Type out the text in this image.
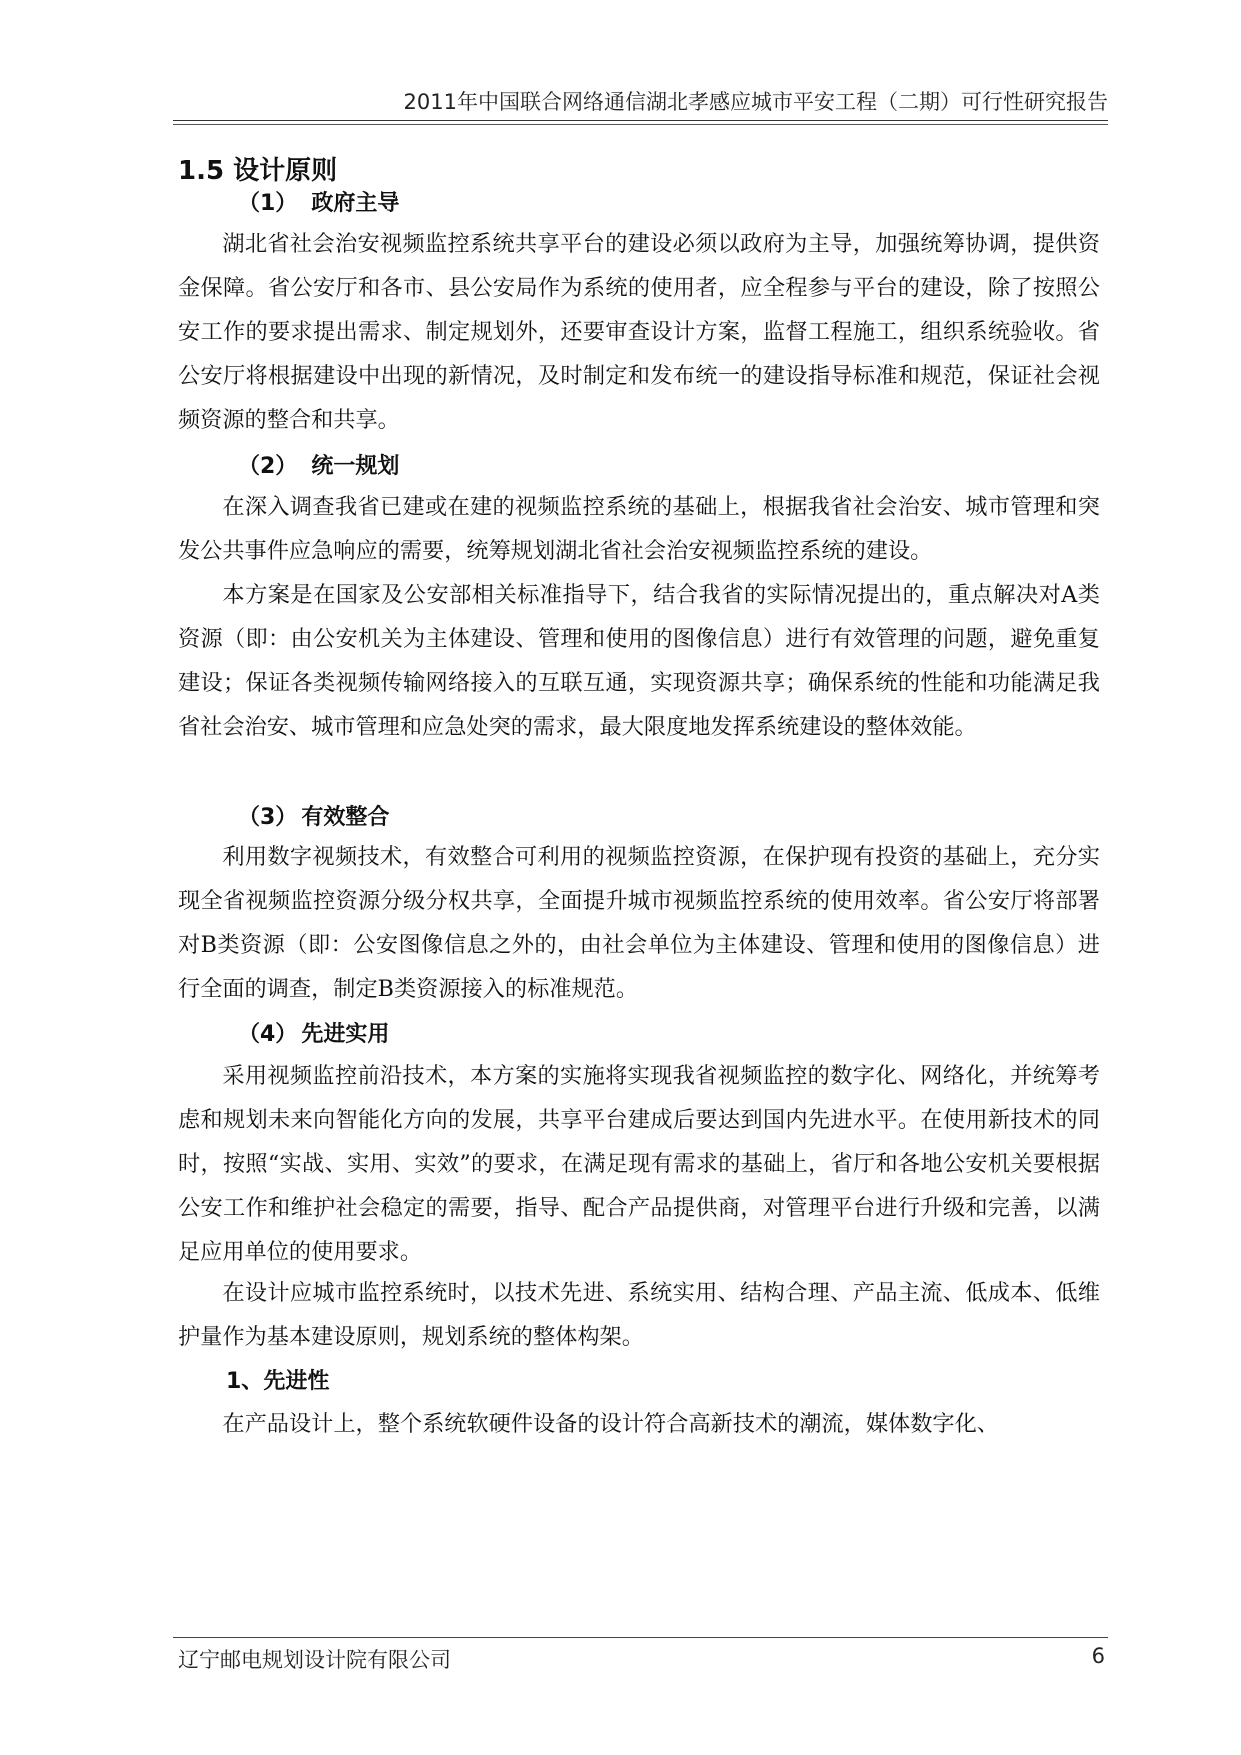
2011年中国联合网络通信湖北孝感应城市平安工程（二期）可行性研究报告
1.5 设计原则
（1） 政府主导

湖北省社会治安视频监控系统共享平台的建设必须以政府为主导，加强统筹协调，提供资金保障。省公安厅和各市、县公安局作为系统的使用者，应全程参与平台的建设，除了按照公安工作的要求提出需求、制定规划外，还要审查设计方案，监督工程施工，组织系统验收。省公安厅将根据建设中出现的新情况，及时制定和发布统一的建设指导标准和规范，保证社会视频资源的整合和共享。

（2） 统一规划

在深入调查我省已建或在建的视频监控系统的基础上，根据我省社会治安、城市管理和突发公共事件应急响应的需要，统筹规划湖北省社会治安视频监控系统的建设。

本方案是在国家及公安部相关标准指导下，结合我省的实际情况提出的，重点解决对A类资源（即：由公安机关为主体建设、管理和使用的图像信息）进行有效管理的问题，避免重复建设；保证各类视频传输网络接入的互联互通，实现资源共享；确保系统的性能和功能满足我省社会治安、城市管理和应急处突的需求，最大限度地发挥系统建设的整体效能。

（3） 有效整合

利用数字视频技术，有效整合可利用的视频监控资源，在保护现有投资的基础上，充分实现全省视频监控资源分级分权共享，全面提升城市视频监控系统的使用效率。省公安厅将部署对B类资源（即：公安图像信息之外的，由社会单位为主体建设、管理和使用的图像信息）进行全面的调查，制定B类资源接入的标准规范。

（4） 先进实用

采用视频监控前沿技术，本方案的实施将实现我省视频监控的数字化、网络化，并统筹考虑和规划未来向智能化方向的发展，共享平台建成后要达到国内先进水平。在使用新技术的同时，按照“实战、实用、实效”的要求，在满足现有需求的基础上，省厅和各地公安机关要根据公安工作和维护社会稳定的需要，指导、配合产品提供商，对管理平台进行升级和完善，以满足应用单位的使用要求。

在设计应城市监控系统时，以技术先进、系统实用、结构合理、产品主流、低成本、低维护量作为基本建设原则，规划系统的整体构架。

1、先进性

在产品设计上，整个系统软硬件设备的设计符合高新技术的潮流，媒体数字化、

辽宁邮电规划设计院有限公司	6
